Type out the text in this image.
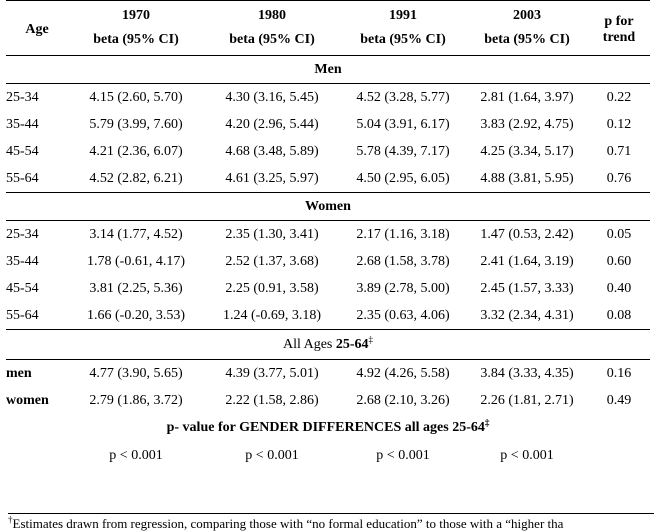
Age	1970	1980	1991	2003	p for trend
	beta (95% CI)	beta (95% CI)	beta (95% CI)	beta (95% CI)	
Men					
25-34	4.15 (2.60, 5.70)	4.30 (3.16, 5.45)	4.52 (3.28, 5.77)	2.81 (1.64, 3.97)	0.22
35-44	5.79 (3.99, 7.60)	4.20 (2.96, 5.44)	5.04 (3.91, 6.17)	3.83 (2.92, 4.75)	0.12
45-54	4.21 (2.36, 6.07)	4.68 (3.48, 5.89)	5.78 (4.39, 7.17)	4.25 (3.34, 5.17)	0.71
55-64	4.52 (2.82, 6.21)	4.61 (3.25, 5.97)	4.50 (2.95, 6.05)	4.88 (3.81, 5.95)	0.76
Women					
25-34	3.14 (1.77, 4.52)	2.35 (1.30, 3.41)	2.17 (1.16, 3.18)	1.47 (0.53, 2.42)	0.05
35-44	1.78 (-0.61, 4.17)	2.52 (1.37, 3.68)	2.68 (1.58, 3.78)	2.41 (1.64, 3.19)	0.60
45-54	3.81 (2.25, 5.36)	2.25 (0.91, 3.58)	3.89 (2.78, 5.00)	2.45 (1.57, 3.33)	0.40
55-64	1.66 (-0.20, 3.53)	1.24 (-0.69, 3.18)	2.35 (0.63, 4.06)	3.32 (2.34, 4.31)	0.08
All Ages 25-64‡
men	4.77 (3.90, 5.65)	4.39 (3.77, 5.01)	4.92 (4.26, 5.58)	3.84 (3.33, 4.35)	0.16
women	2.79 (1.86, 3.72)	2.22 (1.58, 2.86)	2.68 (2.10, 3.26)	2.26 (1.81, 2.71)	0.49
p- value for GENDER DIFFERENCES all ages 25-64‡
	p < 0.001	p < 0.001	p < 0.001	p < 0.001	
†Estimates drawn from regression, comparing those with “no formal education” to those with a “higher tha
